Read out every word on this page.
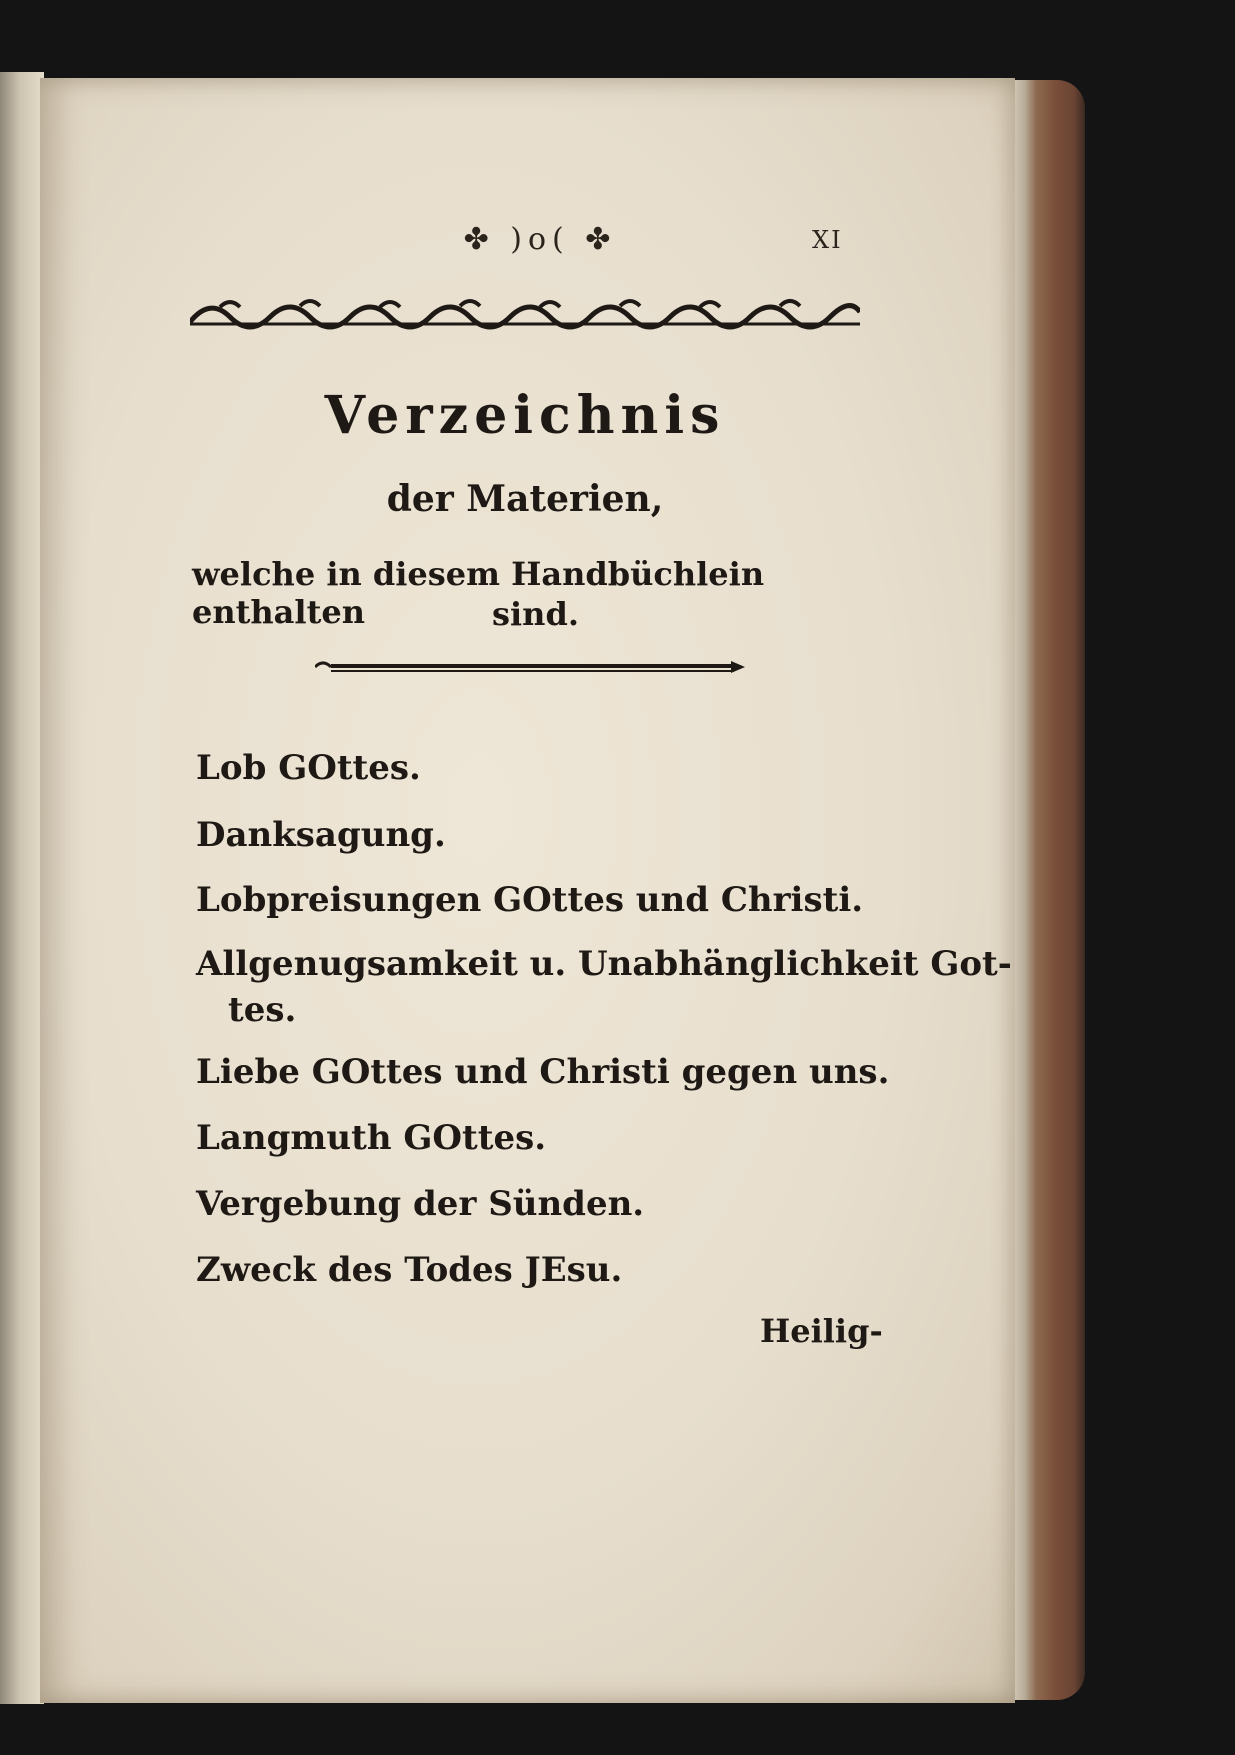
✤ )o( ✤	XI
Verzeichnis
der Materien,
welche in diesem Handbüchlein enthalten	sind.
Lob GOttes.
Danksagung.
Lobpreisungen GOttes und Christi.
Allgenugsamkeit u. Unabhänglichkeit Got-
tes.
Liebe GOttes und Christi gegen uns.
Langmuth GOttes.
Vergebung der Sünden.
Zweck des Todes JEsu.
Heilig-
